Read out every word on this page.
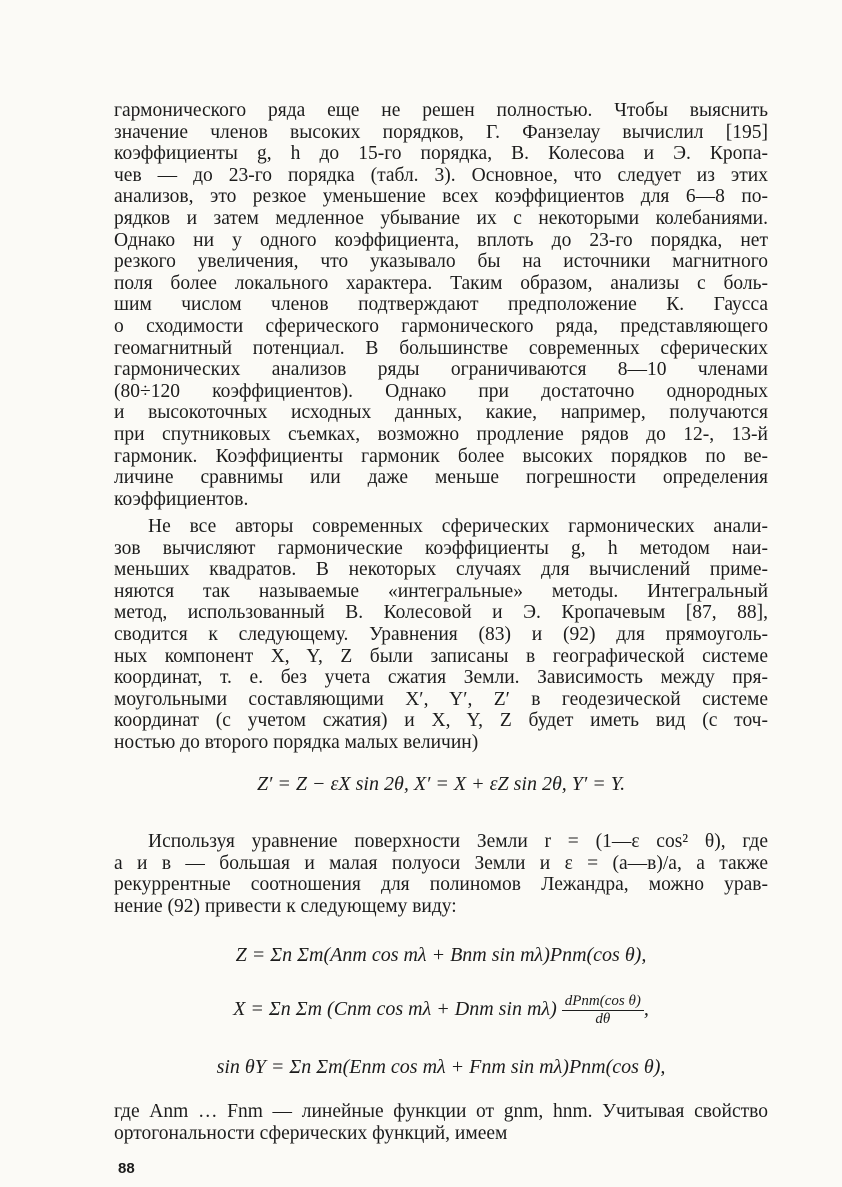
гармонического ряда еще не решен полностью. Чтобы выяснить
значение членов высоких порядков, Г. Фанзелау вычислил [195]
коэффициенты g, h до 15-го порядка, В. Колесова и Э. Кропа-
чев — до 23-го порядка (табл. 3). Основное, что следует из этих
анализов, это резкое уменьшение всех коэффициентов для 6—8 по-
рядков и затем медленное убывание их с некоторыми колебаниями.
Однако ни у одного коэффициента, вплоть до 23-го порядка, нет
резкого увеличения, что указывало бы на источники магнитного
поля более локального характера. Таким образом, анализы с боль-
шим числом членов подтверждают предположение К. Гаусса
о сходимости сферического гармонического ряда, представляющего
геомагнитный потенциал. В большинстве современных сферических
гармонических анализов ряды ограничиваются 8—10 членами
(80÷120 коэффициентов). Однако при достаточно однородных
и высокоточных исходных данных, какие, например, получаются
при спутниковых съемках, возможно продление рядов до 12-, 13-й
гармоник. Коэффициенты гармоник более высоких порядков по ве-
личине сравнимы или даже меньше погрешности определения
коэффициентов.
Не все авторы современных сферических гармонических анали-
зов вычисляют гармонические коэффициенты g, h методом наи-
меньших квадратов. В некоторых случаях для вычислений приме-
няются так называемые «интегральные» методы. Интегральный
метод, использованный В. Колесовой и Э. Кропачевым [87, 88],
сводится к следующему. Уравнения (83) и (92) для прямоуголь-
ных компонент X, Y, Z были записаны в географической системе
координат, т. е. без учета сжатия Земли. Зависимость между пря-
моугольными составляющими X′, Y′, Z′ в геодезической системе
координат (с учетом сжатия) и X, Y, Z будет иметь вид (с точ-
ностью до второго порядка малых величин)
Z′ = Z − εX sin 2θ, X′ = X + εZ sin 2θ, Y′ = Y.
Используя уравнение поверхности Земли r = (1—ε cos² θ), где
a и в — большая и малая полуоси Земли и ε = (a—в)/a, а также
рекуррентные соотношения для полиномов Лежандра, можно урав-
нение (92) привести к следующему виду:
Z = Σn Σm(Anm cos mλ + Bnm sin mλ)Pnm(cos θ),
X = Σn Σm (Cnm cos mλ + Dnm $\sin m\lambda) \frac{\text{dPnm(cos θ)}}{d\theta}$ ,
sin θY = Σn Σm(Enm cos mλ + Fnm sin mλ)Pnm(cos θ),
где Anm … Fnm — линейные функции от gnm, hnm. Учитывая свойство
ортогональности сферических функций, имеем
88
